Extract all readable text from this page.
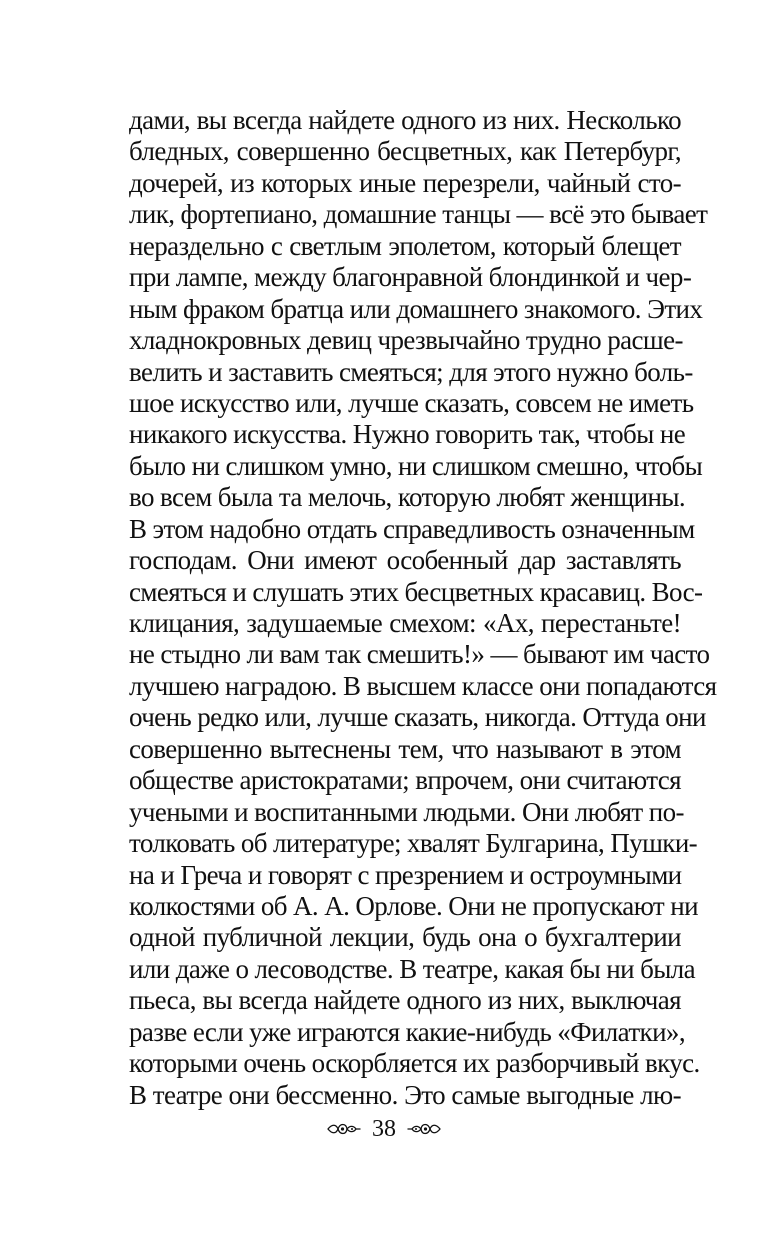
дами, вы всегда найдете одного из них. Несколько
бледных, совершенно бесцветных, как Петербург,
дочерей, из которых иные перезрели, чайный сто-
лик, фортепиано, домашние танцы — всё это бывает
нераздельно с светлым эполетом, который блещет
при лампе, между благонравной блондинкой и чер-
ным фраком братца или домашнего знакомого. Этих
хладнокровных девиц чрезвычайно трудно расше-
велить и заставить смеяться; для этого нужно боль-
шое искусство или, лучше сказать, совсем не иметь
никакого искусства. Нужно говорить так, чтобы не
было ни слишком умно, ни слишком смешно, чтобы
во всем была та мелочь, которую любят женщины.
В этом надобно отдать справедливость означенным
господам. Они имеют особенный дар заставлять
смеяться и слушать этих бесцветных красавиц. Вос-
клицания, задушаемые смехом: «Ах, перестаньте!
не стыдно ли вам так смешить!» — бывают им часто
лучшею наградою. В высшем классе они попадаются
очень редко или, лучше сказать, никогда. Оттуда они
совершенно вытеснены тем, что называют в этом
обществе аристократами; впрочем, они считаются
учеными и воспитанными людьми. Они любят по-
толковать об литературе; хвалят Булгарина, Пушки-
на и Греча и говорят с презрением и остроумными
колкостями об А. А. Орлове. Они не пропускают ни
одной публичной лекции, будь она о бухгалтерии
или даже о лесоводстве. В театре, какая бы ни была
пьеса, вы всегда найдете одного из них, выключая
разве если уже играются какие-нибудь «Филатки»,
которыми очень оскорбляется их разборчивый вкус.
В театре они бессменно. Это самые выгодные лю-
38
